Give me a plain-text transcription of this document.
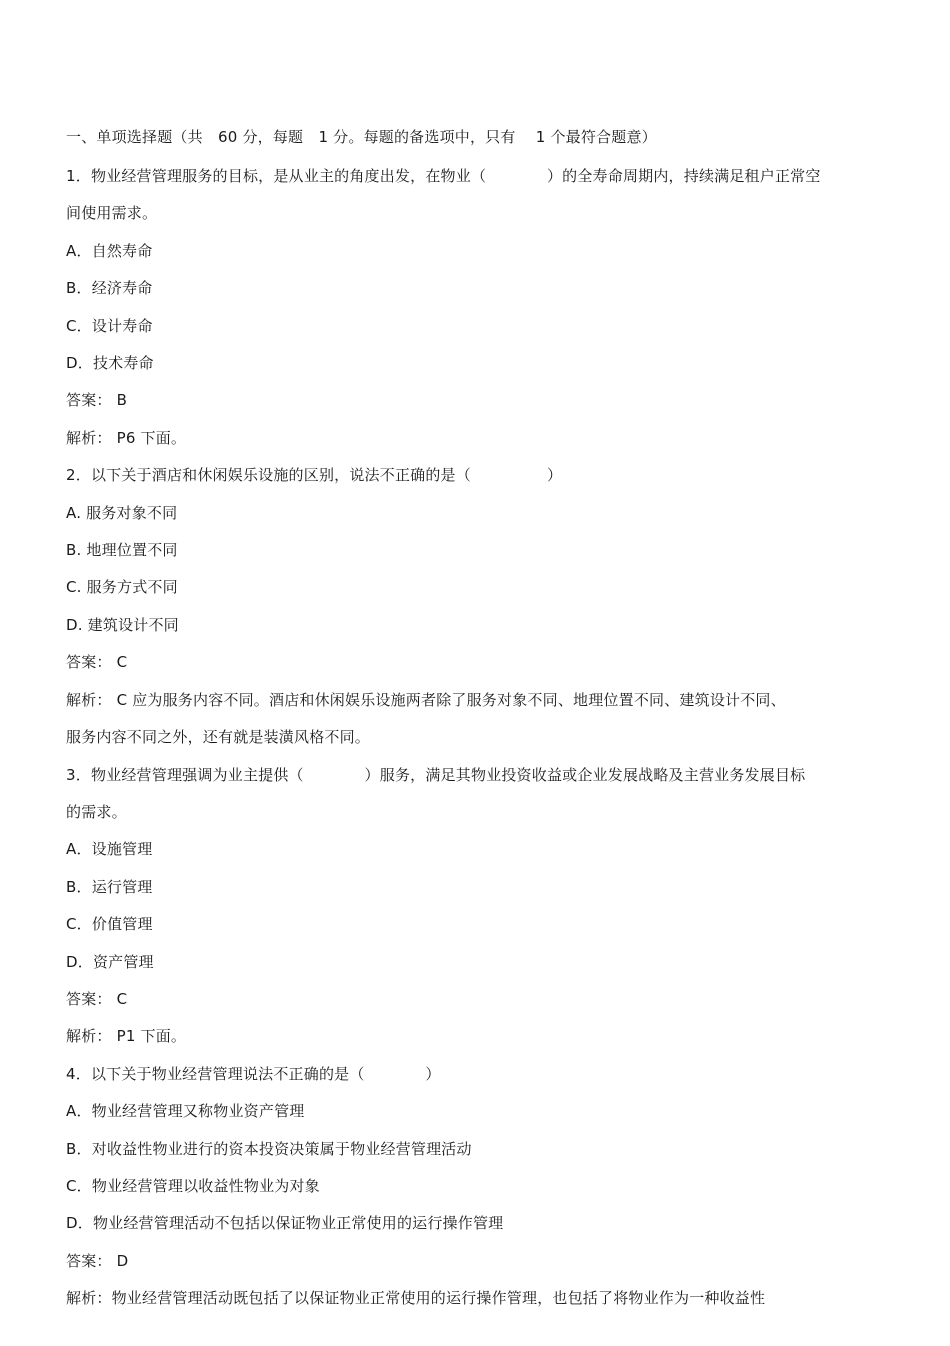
一、单项选择题（共　60 分，每题　1 分。每题的备选项中，只有　 1 个最符合题意）
1．物业经营管理服务的目标，是从业主的角度出发，在物业（　　　　）的全寿命周期内，持续满足租户正常空
间使用需求。
A．自然寿命
B．经济寿命
C．设计寿命
D．技术寿命
答案： B
解析： P6 下面。
2．以下关于酒店和休闲娱乐设施的区别，说法不正确的是（　　　　　）
A. 服务对象不同
B. 地理位置不同
C. 服务方式不同
D. 建筑设计不同
答案： C
解析： C 应为服务内容不同。酒店和休闲娱乐设施两者除了服务对象不同、地理位置不同、建筑设计不同、
服务内容不同之外，还有就是装潢风格不同。
3．物业经营管理强调为业主提供（　　　　）服务，满足其物业投资收益或企业发展战略及主营业务发展目标
的需求。
A．设施管理
B．运行管理
C．价值管理
D．资产管理
答案： C
解析： P1 下面。
4．以下关于物业经营管理说法不正确的是（　　　　）
A．物业经营管理又称物业资产管理
B．对收益性物业进行的资本投资决策属于物业经营管理活动
C．物业经营管理以收益性物业为对象
D．物业经营管理活动不包括以保证物业正常使用的运行操作管理
答案： D
解析：物业经营管理活动既包括了以保证物业正常使用的运行操作管理，也包括了将物业作为一种收益性
